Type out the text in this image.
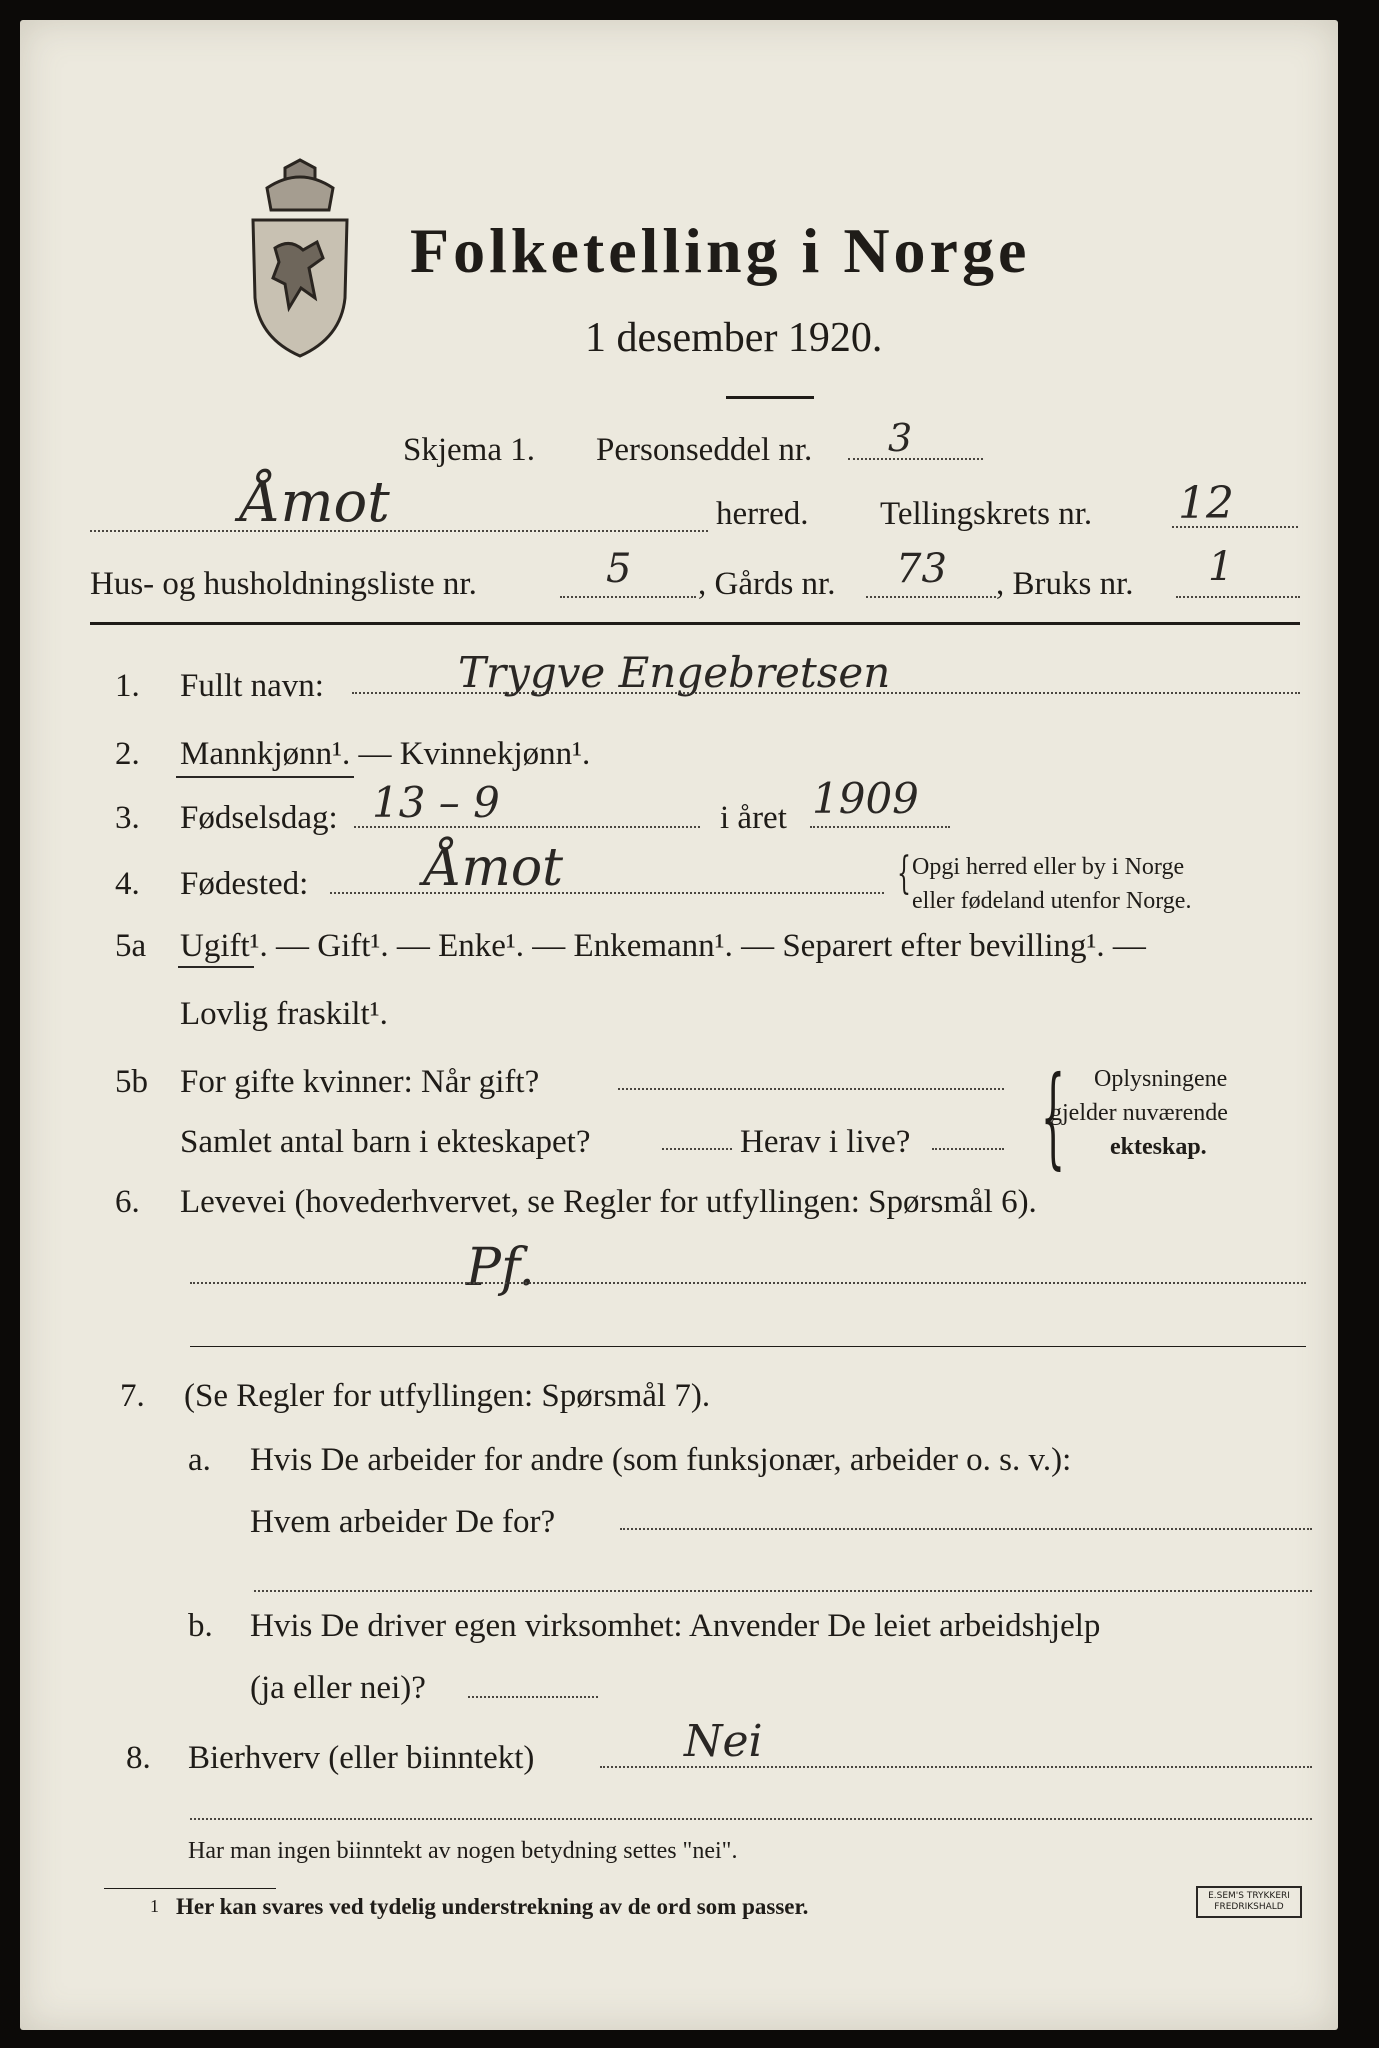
Folketelling i Norge
1 desember 1920.
Skjema 1. Personseddel nr. 3
Åmot	herred. Tellingskrets nr. 12
Hus- og husholdningsliste nr.	5 , Gårds nr. 73 , Bruks nr. 1
1. Fullt navn:	Trygve Engebretsen
2. Mannkjønn¹. — Kvinnekjønn¹.
3. Fødselsdag: 13 – 9	i året 1909
4. Fødested: Åmot	{ Opgi herred eller by i Norge
eller fødeland utenfor Norge.
5a Ugift¹. — Gift¹. — Enke¹. — Enkemann¹. — Separert efter bevilling¹. —
Lovlig fraskilt¹.
5b For gifte kvinner: Når gift?
Samlet antal barn i ekteskapet?	Herav i live? { Oplysningene
gjelder nuværende
ekteskap.
6. Levevei (hovederhvervet, se Regler for utfyllingen: Spørsmål 6).
Pf.
7. (Se Regler for utfyllingen: Spørsmål 7).
a. Hvis De arbeider for andre (som funksjonær, arbeider o. s. v.):
Hvem arbeider De for?
b. Hvis De driver egen virksomhet: Anvender De leiet arbeidshjelp
(ja eller nei)?
8. Bierhverv (eller biinntekt)	Nei
Har man ingen biinntekt av nogen betydning settes "nei".
1 Her kan svares ved tydelig understrekning av de ord som passer.	E.SEM'S TRYKKERI
FREDRIKSHALD
